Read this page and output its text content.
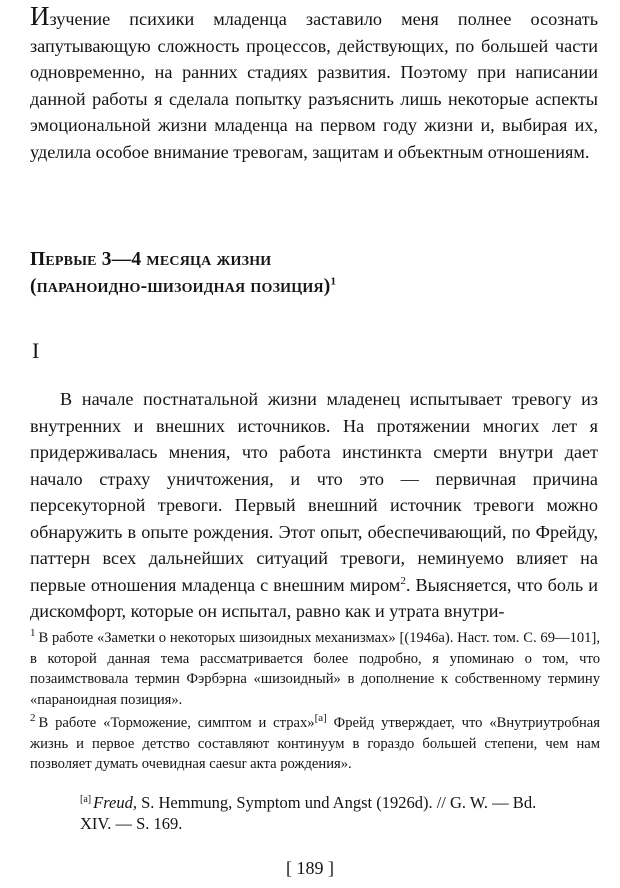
Изучение психики младенца заставило меня полнее осознать запутывающую сложность процессов, действующих, по большей части одновременно, на ранних стадиях развития. Поэтому при написании данной работы я сделала попытку разъяснить лишь некоторые аспекты эмоциональной жизни младенца на первом году жизни и, выбирая их, уделила особое внимание тревогам, защитам и объектным отношениям.

Первые 3—4 месяца жизни
(параноидно-шизоидная позиция)$^1$

I

В начале постнатальной жизни младенец испытывает тревогу из внутренних и внешних источников. На протяжении многих лет я придерживалась мнения, что работа инстинкта смерти внутри дает начало страху уничтожения, и что это — первичная причина персекуторной тревоги. Первый внешний источник тревоги можно обнаружить в опыте рождения. Этот опыт, обеспечивающий, по Фрейду, паттерн всех дальнейших ситуаций тревоги, неминуемо влияет на первые отношения младенца с внешним миром$^2$. Выясняется, что боль и дискомфорт, которые он испытал, равно как и утрата внутри-

$^1$ В работе «Заметки о некоторых шизоидных механизмах» [(1946а). Наст. том. С. 69—101], в которой данная тема рассматривается более подробно, я упоминаю о том, что позаимствовала термин Фэрбэрна «шизоидный» в дополнение к собственному термину «параноидная позиция».

$^2$ В работе «Торможение, симптом и страх»[a] Фрейд утверждает, что «Внутриутробная жизнь и первое детство составляют континуум в гораздо большей степени, чем нам позволяет думать очевидная caesur акта рождения».

[a] Freud, S. Hemmung, Symptom und Angst (1926d). // G. W. — Bd. XIV. — S. 169.

[ 189 ]
